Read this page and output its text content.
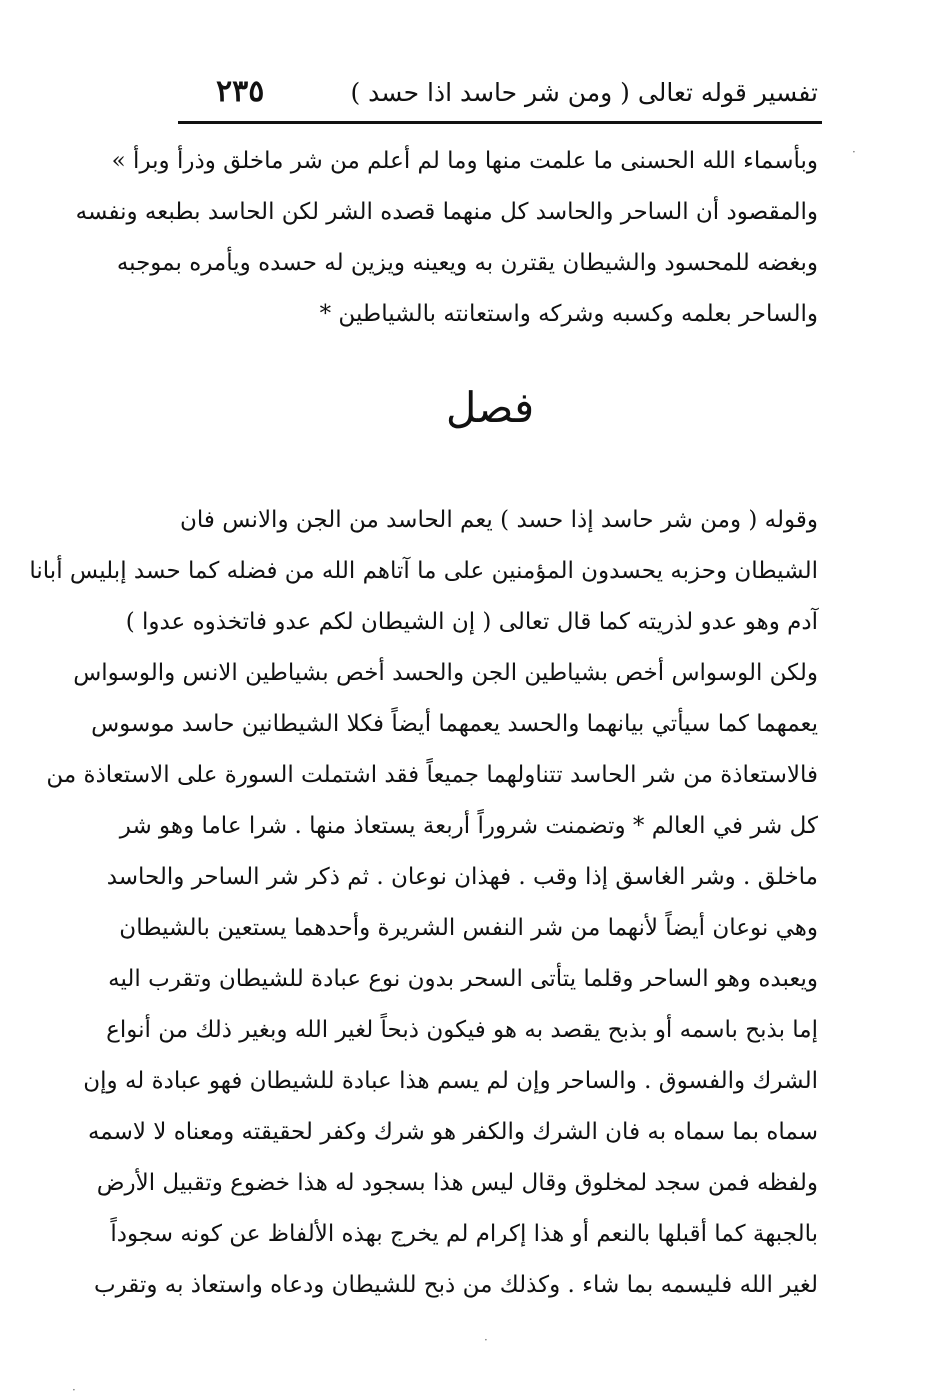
تفسير قوله تعالى ( ومن شر حاسد اذا حسد )
٢٣٥
وبأسماء الله الحسنى ما علمت منها وما لم أعلم من شر ماخلق وذرأ وبرأ »
والمقصود أن الساحر والحاسد كل منهما قصده الشر لكن الحاسد بطبعه ونفسه
وبغضه للمحسود والشيطان يقترن به ويعينه ويزين له حسده ويأمره بموجبه
والساحر بعلمه وكسبه وشركه واستعانته بالشياطين *
فصل
وقوله ( ومن شر حاسد إذا حسد ) يعم الحاسد من الجن والانس فان
الشيطان وحزبه يحسدون المؤمنين على ما آتاهم الله من فضله كما حسد إبليس أبانا
آدم وهو عدو لذريته كما قال تعالى ( إن الشيطان لكم عدو فاتخذوه عدوا )
ولكن الوسواس أخص بشياطين الجن والحسد أخص بشياطين الانس والوسواس
يعمهما كما سيأتي بيانهما والحسد يعمهما أيضاً فكلا الشيطانين حاسد موسوس
فالاستعاذة من شر الحاسد تتناولهما جميعاً فقد اشتملت السورة على الاستعاذة من
كل شر في العالم * وتضمنت شروراً أربعة يستعاذ منها . شرا عاما وهو شر
ماخلق . وشر الغاسق إذا وقب . فهذان نوعان . ثم ذكر شر الساحر والحاسد
وهي نوعان أيضاً لأنهما من شر النفس الشريرة وأحدهما يستعين بالشيطان
ويعبده وهو الساحر وقلما يتأتى السحر بدون نوع عبادة للشيطان وتقرب اليه
إما بذبح باسمه أو بذبح يقصد به هو فيكون ذبحاً لغير الله وبغير ذلك من أنواع
الشرك والفسوق . والساحر وإن لم يسم هذا عبادة للشيطان فهو عبادة له وإن
سماه بما سماه به فان الشرك والكفر هو شرك وكفر لحقيقته ومعناه لا لاسمه
ولفظه فمن سجد لمخلوق وقال ليس هذا بسجود له هذا خضوع وتقبيل الأرض
بالجبهة كما أقبلها بالنعم أو هذا إكرام لم يخرج بهذه الألفاظ عن كونه سجوداً
لغير الله فليسمه بما شاء . وكذلك من ذبح للشيطان ودعاه واستعاذ به وتقرب
·
·
·
